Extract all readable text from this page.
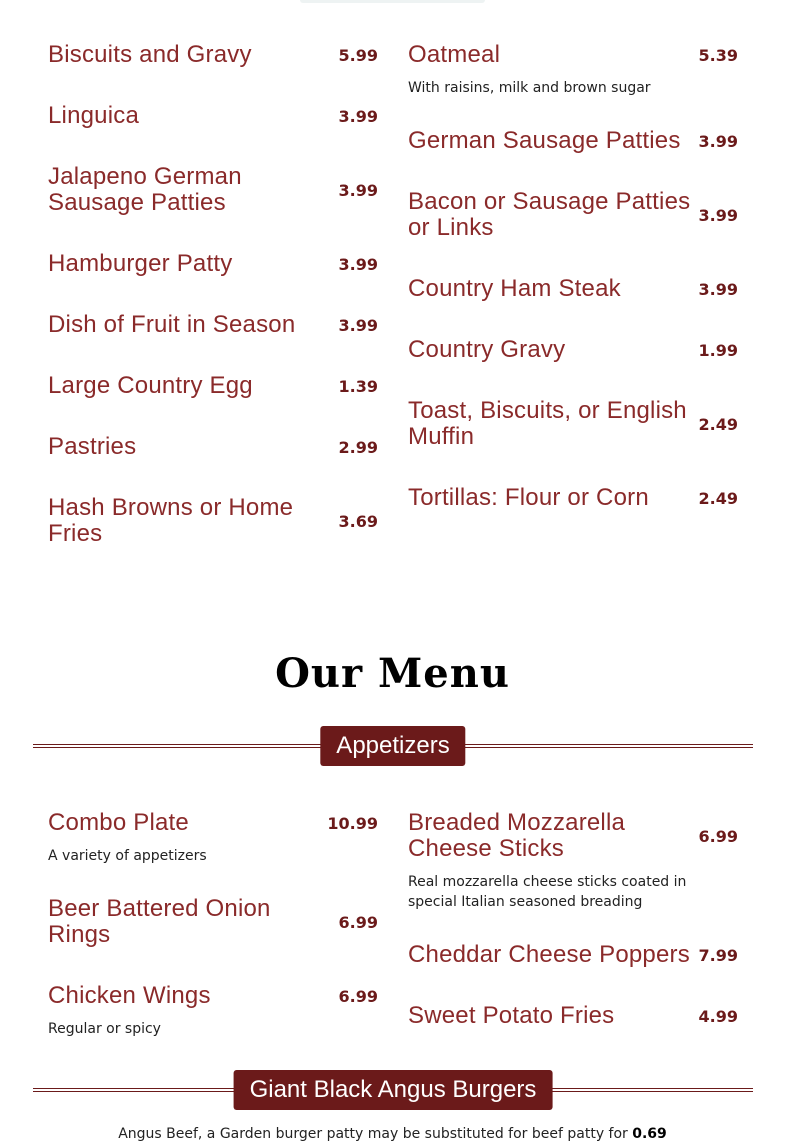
Biscuits and Gravy	5.99
Linguica	3.99
Jalapeno German Sausage Patties	3.99
Hamburger Patty	3.99
Dish of Fruit in Season	3.99
Large Country Egg	1.39
Pastries	2.99
Hash Browns or Home Fries	3.69
Oatmeal	5.39
With raisins, milk and brown sugar
German Sausage Patties 3.99
Bacon or Sausage Patties or Links	3.99
Country Ham Steak	3.99
Country Gravy	1.99
Toast, Biscuits, or English Muffin	2.49
Tortillas: Flour or Corn	2.49
Our Menu
Appetizers
Combo Plate	10.99
A variety of appetizers
Beer Battered Onion Rings	6.99
Chicken Wings	6.99
Regular or spicy
Breaded Mozzarella Cheese Sticks	6.99
Real mozzarella cheese sticks coated in special Italian seasoned breading
Cheddar Cheese Poppers 7.99
Sweet Potato Fries	4.99
Giant Black Angus Burgers
Angus Beef, a Garden burger patty may be substituted for beef patty for 0.69
